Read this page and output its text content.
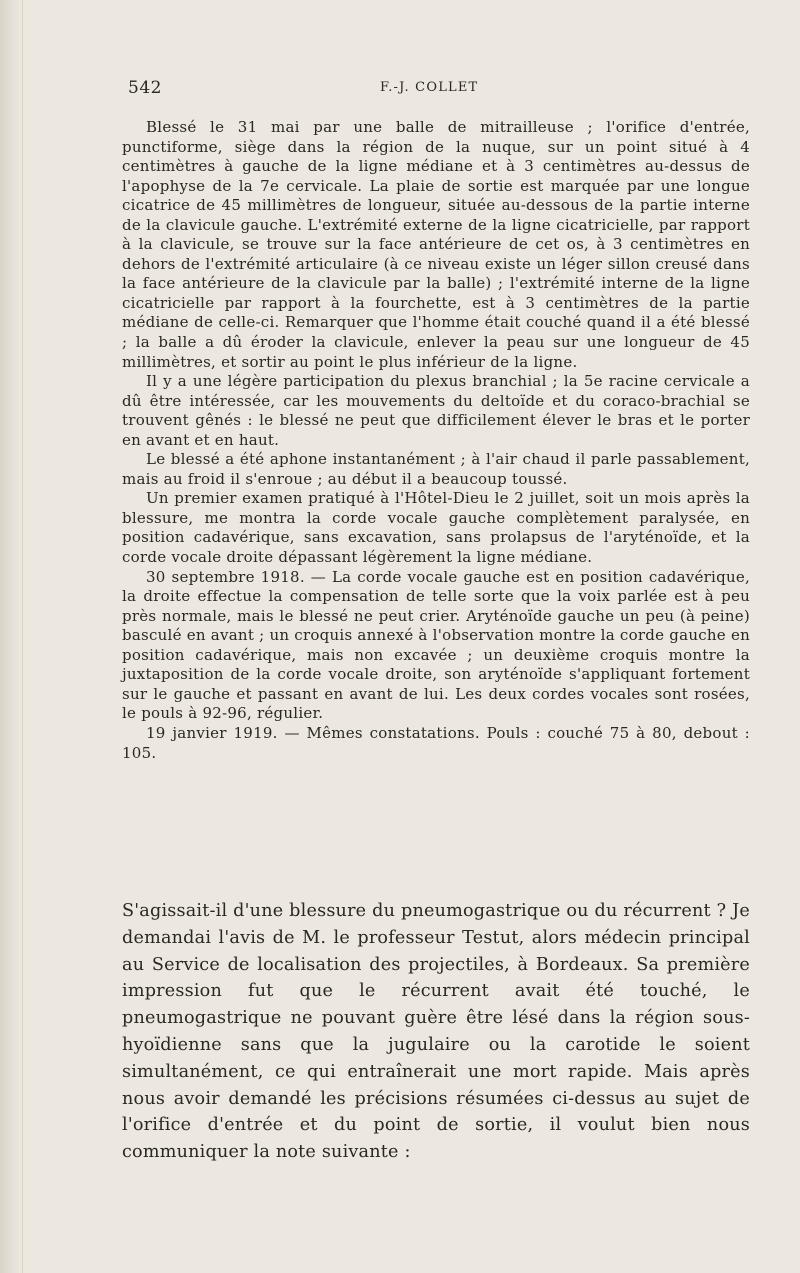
542	F.-J. COLLET

Blessé le 31 mai par une balle de mitrailleuse ; l'orifice d'entrée, punctiforme, siège dans la région de la nuque, sur un point situé à 4 centimètres à gauche de la ligne médiane et à 3 centimètres au-dessus de l'apophyse de la 7e cervicale. La plaie de sortie est marquée par une longue cicatrice de 45 millimètres de longueur, située au-dessous de la partie interne de la clavicule gauche. L'extrémité externe de la ligne cicatricielle, par rapport à la clavicule, se trouve sur la face antérieure de cet os, à 3 centimètres en dehors de l'extrémité articulaire (à ce niveau existe un léger sillon creusé dans la face antérieure de la clavicule par la balle) ; l'extrémité interne de la ligne cicatricielle par rapport à la fourchette, est à 3 centimètres de la partie médiane de celle-ci. Remarquer que l'homme était couché quand il a été blessé ; la balle a dû éroder la clavicule, enlever la peau sur une longueur de 45 millimètres, et sortir au point le plus inférieur de la ligne.

Il y a une légère participation du plexus branchial ; la 5e racine cervicale a dû être intéressée, car les mouvements du deltoïde et du coraco-brachial se trouvent gênés : le blessé ne peut que difficilement élever le bras et le porter en avant et en haut.

Le blessé a été aphone instantanément ; à l'air chaud il parle passablement, mais au froid il s'enroue ; au début il a beaucoup toussé.

Un premier examen pratiqué à l'Hôtel-Dieu le 2 juillet, soit un mois après la blessure, me montra la corde vocale gauche complètement paralysée, en position cadavérique, sans excavation, sans prolapsus de l'aryténoïde, et la corde vocale droite dépassant légèrement la ligne médiane.

30 septembre 1918. — La corde vocale gauche est en position cadavérique, la droite effectue la compensation de telle sorte que la voix parlée est à peu près normale, mais le blessé ne peut crier. Aryténoïde gauche un peu (à peine) basculé en avant ; un croquis annexé à l'observation montre la corde gauche en position cadavérique, mais non excavée ; un deuxième croquis montre la juxtaposition de la corde vocale droite, son aryténoïde s'appliquant fortement sur le gauche et passant en avant de lui. Les deux cordes vocales sont rosées, le pouls à 92-96, régulier.

19 janvier 1919. — Mêmes constatations. Pouls : couché 75 à 80, debout : 105.

S'agissait-il d'une blessure du pneumogastrique ou du récurrent ? Je demandai l'avis de M. le professeur Testut, alors médecin principal au Service de localisation des projectiles, à Bordeaux. Sa première impression fut que le récurrent avait été touché, le pneumogastrique ne pouvant guère être lésé dans la région sous-hyoïdienne sans que la jugulaire ou la carotide le soient simultanément, ce qui entraînerait une mort rapide. Mais après nous avoir demandé les précisions résumées ci-dessus au sujet de l'orifice d'entrée et du point de sortie, il voulut bien nous communiquer la note suivante :
